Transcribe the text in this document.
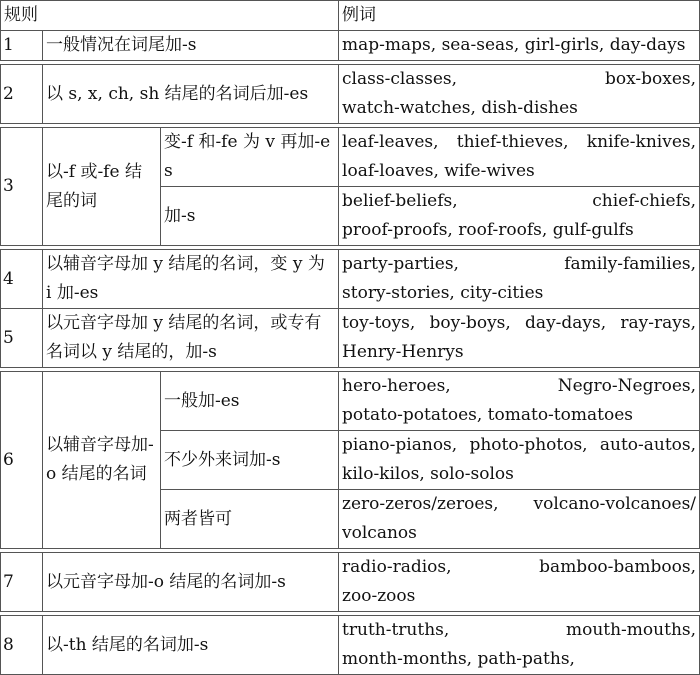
规则			例词
1	一般情况在词尾加-s		map-maps, sea-seas, girl-girls, day-days

2	以 s, x, ch, sh 结尾的名词后加-es		class-classes, box-boxes,
watch-watches, dish-dishes

3	以-f 或-fe 结尾的词	变-f 和-fe 为 v 再加-es	leaf-leaves, thief-thieves, knife-knives,
loaf-loaves, wife-wives

		加-s	belief-beliefs, chief-chiefs,
proof-proofs, roof-roofs, gulf-gulfs

4	以辅音字母加 y 结尾的名词，变 y 为 i 加-es		party-parties, family-families,
story-stories, city-cities

5	以元音字母加 y 结尾的名词，或专有名词以 y 结尾的，加-s		toy-toys, boy-boys, day-days, ray-rays,
Henry-Henrys

6	以辅音字母加-o 结尾的名词	一般加-es	hero-heroes, Negro-Negroes,
potato-potatoes, tomato-tomatoes

		不少外来词加-s	piano-pianos, photo-photos, auto-autos,
kilo-kilos, solo-solos

		两者皆可	zero-zeros/zeroes, volcano-volcanoes/
volcanos

7	以元音字母加-o 结尾的名词加-s		radio-radios, bamboo-bamboos,
zoo-zoos

8	以-th 结尾的名词加-s		truth-truths, mouth-mouths,
month-months, path-paths,
